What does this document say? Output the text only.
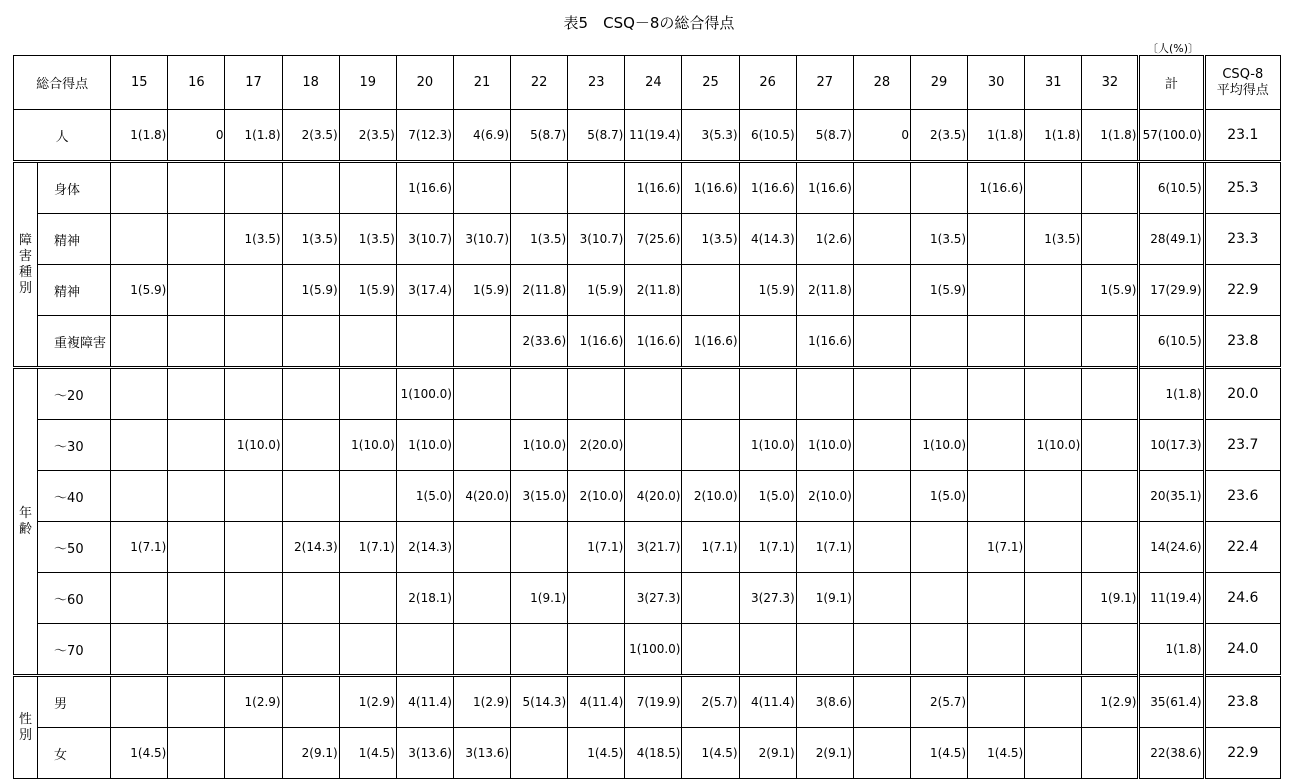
表5　CSQ－8の総合得点
〔人(%)〕
総合得点		15	16	17	18	19	20	21	22	23	24	25	26	27	28	29	30	31	32	計	CSQ-8
平均得点

人		1(1.8)	0	1(1.8)	2(3.5)	2(3.5)	7(12.3)	4(6.9)	5(8.7)	5(8.7)	11(19.4)	3(5.3)	6(10.5)	5(8.7)	0	2(3.5)	1(1.8)	1(1.8)	1(1.8)	57(100.0)	23.1

障
害
種
別	身体						1(16.6)				1(16.6)	1(16.6)	1(16.6)	1(16.6)			1(16.6)			6(10.5)	25.3
	精神			1(3.5)	1(3.5)	1(3.5)	3(10.7)	3(10.7)	1(3.5)	3(10.7)	7(25.6)	1(3.5)	4(14.3)	1(2.6)		1(3.5)		1(3.5)		28(49.1)	23.3
	精神	1(5.9)			1(5.9)	1(5.9)	3(17.4)	1(5.9)	2(11.8)	1(5.9)	2(11.8)		1(5.9)	2(11.8)		1(5.9)			1(5.9)	17(29.9)	22.9
	重複障害								2(33.6)	1(16.6)	1(16.6)	1(16.6)		1(16.6)						6(10.5)	23.8

年
齢	～20						1(100.0)													1(1.8)	20.0
	～30			1(10.0)		1(10.0)	1(10.0)		1(10.0)	2(20.0)			1(10.0)	1(10.0)		1(10.0)		1(10.0)		10(17.3)	23.7
	～40						1(5.0)	4(20.0)	3(15.0)	2(10.0)	4(20.0)	2(10.0)	1(5.0)	2(10.0)		1(5.0)				20(35.1)	23.6
	～50	1(7.1)			2(14.3)	1(7.1)	2(14.3)			1(7.1)	3(21.7)	1(7.1)	1(7.1)	1(7.1)			1(7.1)			14(24.6)	22.4
	～60						2(18.1)		1(9.1)		3(27.3)		3(27.3)	1(9.1)					1(9.1)	11(19.4)	24.6
	～70										1(100.0)									1(1.8)	24.0

性
別	男			1(2.9)		1(2.9)	4(11.4)	1(2.9)	5(14.3)	4(11.4)	7(19.9)	2(5.7)	4(11.4)	3(8.6)		2(5.7)			1(2.9)	35(61.4)	23.8
	女	1(4.5)			2(9.1)	1(4.5)	3(13.6)	3(13.6)		1(4.5)	4(18.5)	1(4.5)	2(9.1)	2(9.1)		1(4.5)	1(4.5)			22(38.6)	22.9
